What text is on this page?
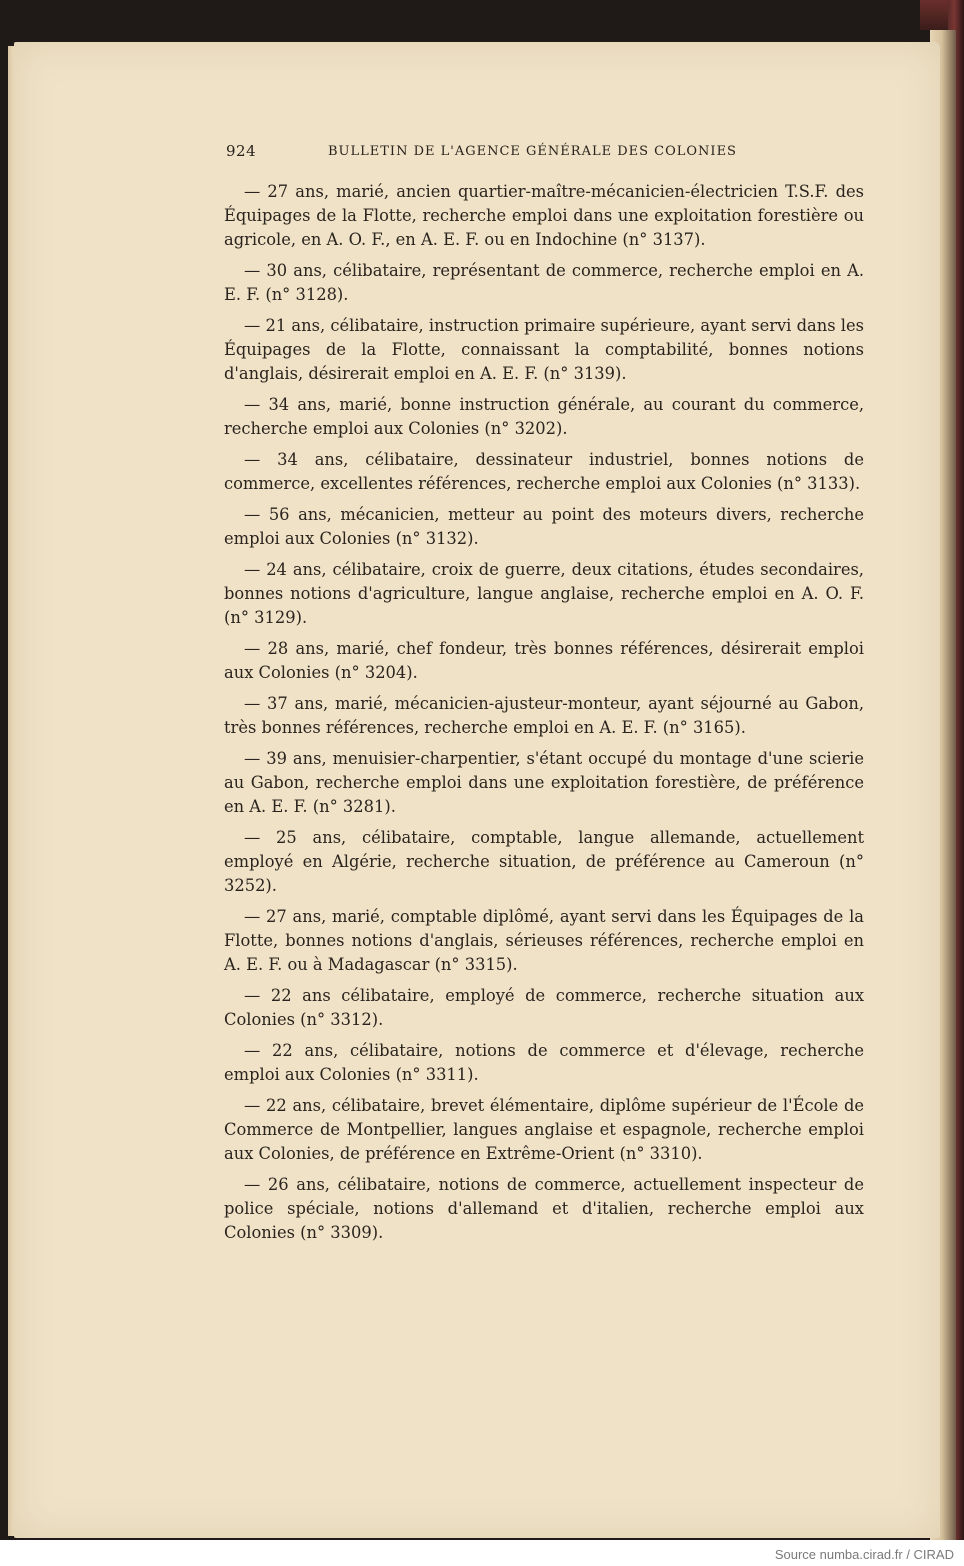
924	BULLETIN DE L'AGENCE GÉNÉRALE DES COLONIES

— 27 ans, marié, ancien quartier-maître-mécanicien-électricien T.S.F. des Équipages de la Flotte, recherche emploi dans une exploitation forestière ou agricole, en A. O. F., en A. E. F. ou en Indochine (n° 3137).

— 30 ans, célibataire, représentant de commerce, recherche emploi en A. E. F. (n° 3128).

— 21 ans, célibataire, instruction primaire supérieure, ayant servi dans les Équipages de la Flotte, connaissant la comptabilité, bonnes notions d'anglais, désirerait emploi en A. E. F. (n° 3139).

— 34 ans, marié, bonne instruction générale, au courant du commerce, recherche emploi aux Colonies (n° 3202).

— 34 ans, célibataire, dessinateur industriel, bonnes notions de commerce, excellentes références, recherche emploi aux Colonies (n° 3133).

— 56 ans, mécanicien, metteur au point des moteurs divers, recherche emploi aux Colonies (n° 3132).

— 24 ans, célibataire, croix de guerre, deux citations, études secondaires, bonnes notions d'agriculture, langue anglaise, recherche emploi en A. O. F. (n° 3129).

— 28 ans, marié, chef fondeur, très bonnes références, désirerait emploi aux Colonies (n° 3204).

— 37 ans, marié, mécanicien-ajusteur-monteur, ayant séjourné au Gabon, très bonnes références, recherche emploi en A. E. F. (n° 3165).

— 39 ans, menuisier-charpentier, s'étant occupé du montage d'une scierie au Gabon, recherche emploi dans une exploitation forestière, de préférence en A. E. F. (n° 3281).

— 25 ans, célibataire, comptable, langue allemande, actuellement employé en Algérie, recherche situation, de préférence au Cameroun (n° 3252).

— 27 ans, marié, comptable diplômé, ayant servi dans les Équipages de la Flotte, bonnes notions d'anglais, sérieuses références, recherche emploi en A. E. F. ou à Madagascar (n° 3315).

— 22 ans célibataire, employé de commerce, recherche situation aux Colonies (n° 3312).

— 22 ans, célibataire, notions de commerce et d'élevage, recherche emploi aux Colonies (n° 3311).

— 22 ans, célibataire, brevet élémentaire, diplôme supérieur de l'École de Commerce de Montpellier, langues anglaise et espagnole, recherche emploi aux Colonies, de préférence en Extrême-Orient (n° 3310).

— 26 ans, célibataire, notions de commerce, actuellement inspecteur de police spéciale, notions d'allemand et d'italien, recherche emploi aux Colonies (n° 3309).

Source numba.cirad.fr / CIRAD
